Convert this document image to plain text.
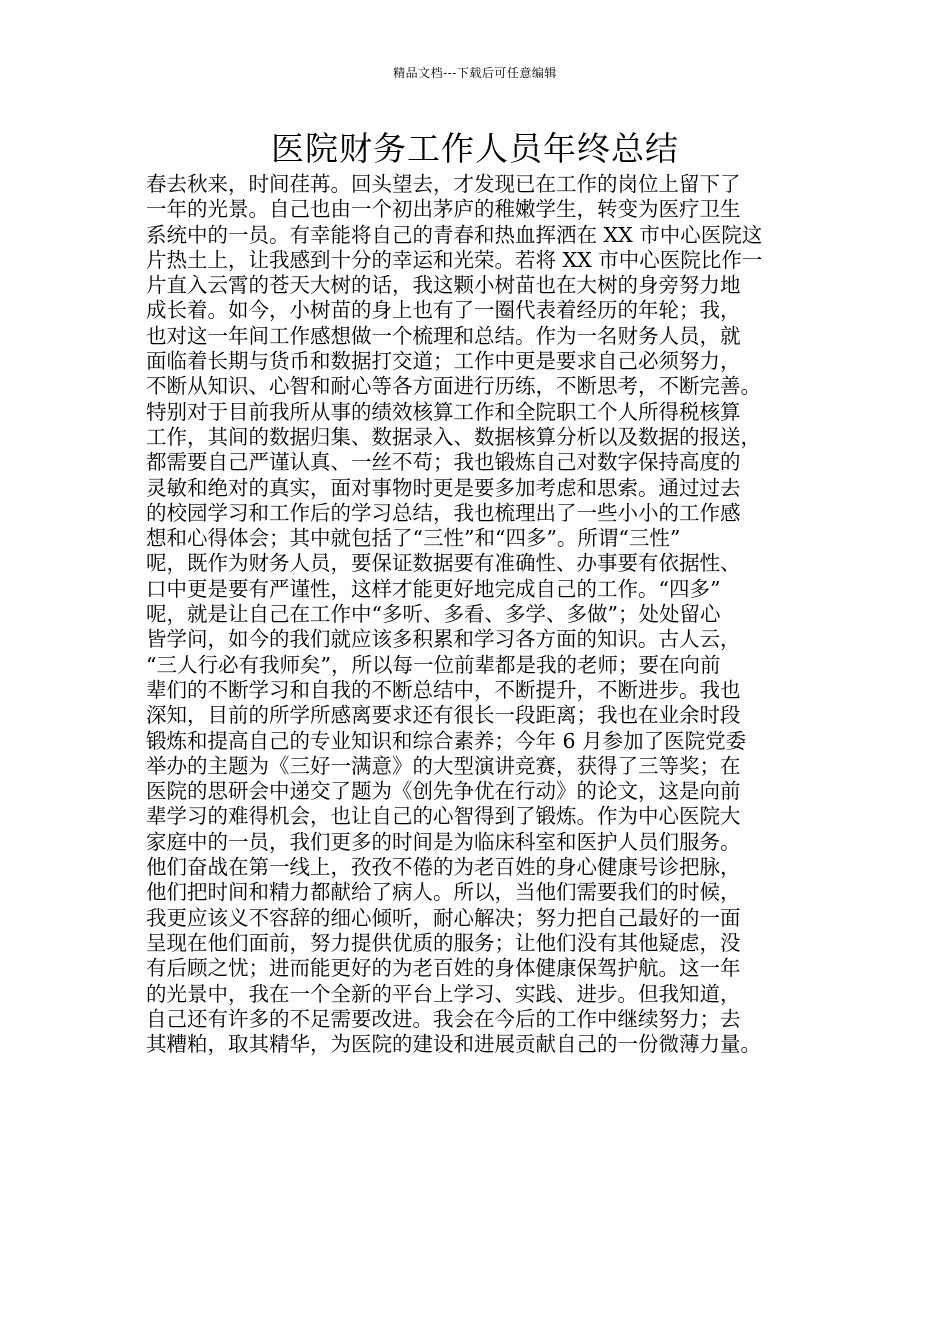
精品文档---下载后可任意编辑
医院财务工作人员年终总结
春去秋来，时间荏苒。回头望去，才发现已在工作的岗位上留下了
一年的光景。自己也由一个初出茅庐的稚嫩学生，转变为医疗卫生
系统中的一员。有幸能将自己的青春和热血挥洒在 XX 市中心医院这
片热土上，让我感到十分的幸运和光荣。若将 XX 市中心医院比作一
片直入云霄的苍天大树的话，我这颗小树苗也在大树的身旁努力地
成长着。如今，小树苗的身上也有了一圈代表着经历的年轮；我，
也对这一年间工作感想做一个梳理和总结。作为一名财务人员，就
面临着长期与货币和数据打交道；工作中更是要求自己必须努力，
不断从知识、心智和耐心等各方面进行历练，不断思考，不断完善。
特别对于目前我所从事的绩效核算工作和全院职工个人所得税核算
工作，其间的数据归集、数据录入、数据核算分析以及数据的报送，
都需要自己严谨认真、一丝不苟；我也锻炼自己对数字保持高度的
灵敏和绝对的真实，面对事物时更是要多加考虑和思索。通过过去
的校园学习和工作后的学习总结，我也梳理出了一些小小的工作感
想和心得体会；其中就包括了“三性”和“四多”。所谓“三性”
呢，既作为财务人员，要保证数据要有准确性、办事要有依据性、
口中更是要有严谨性，这样才能更好地完成自己的工作。“四多”
呢，就是让自己在工作中“多听、多看、多学、多做”；处处留心
皆学问，如今的我们就应该多积累和学习各方面的知识。古人云，
“三人行必有我师矣”，所以每一位前辈都是我的老师；要在向前
辈们的不断学习和自我的不断总结中，不断提升，不断进步。我也
深知，目前的所学所感离要求还有很长一段距离；我也在业余时段
锻炼和提高自己的专业知识和综合素养；今年 6 月参加了医院党委
举办的主题为《三好一满意》的大型演讲竞赛，获得了三等奖；在
医院的思研会中递交了题为《创先争优在行动》的论文，这是向前
辈学习的难得机会，也让自己的心智得到了锻炼。作为中心医院大
家庭中的一员，我们更多的时间是为临床科室和医护人员们服务。
他们奋战在第一线上，孜孜不倦的为老百姓的身心健康号诊把脉，
他们把时间和精力都献给了病人。所以，当他们需要我们的时候，
我更应该义不容辞的细心倾听，耐心解决；努力把自己最好的一面
呈现在他们面前，努力提供优质的服务；让他们没有其他疑虑，没
有后顾之忧；进而能更好的为老百姓的身体健康保驾护航。这一年
的光景中，我在一个全新的平台上学习、实践、进步。但我知道，
自己还有许多的不足需要改进。我会在今后的工作中继续努力；去
其糟粕，取其精华，为医院的建设和进展贡献自己的一份微薄力量。
